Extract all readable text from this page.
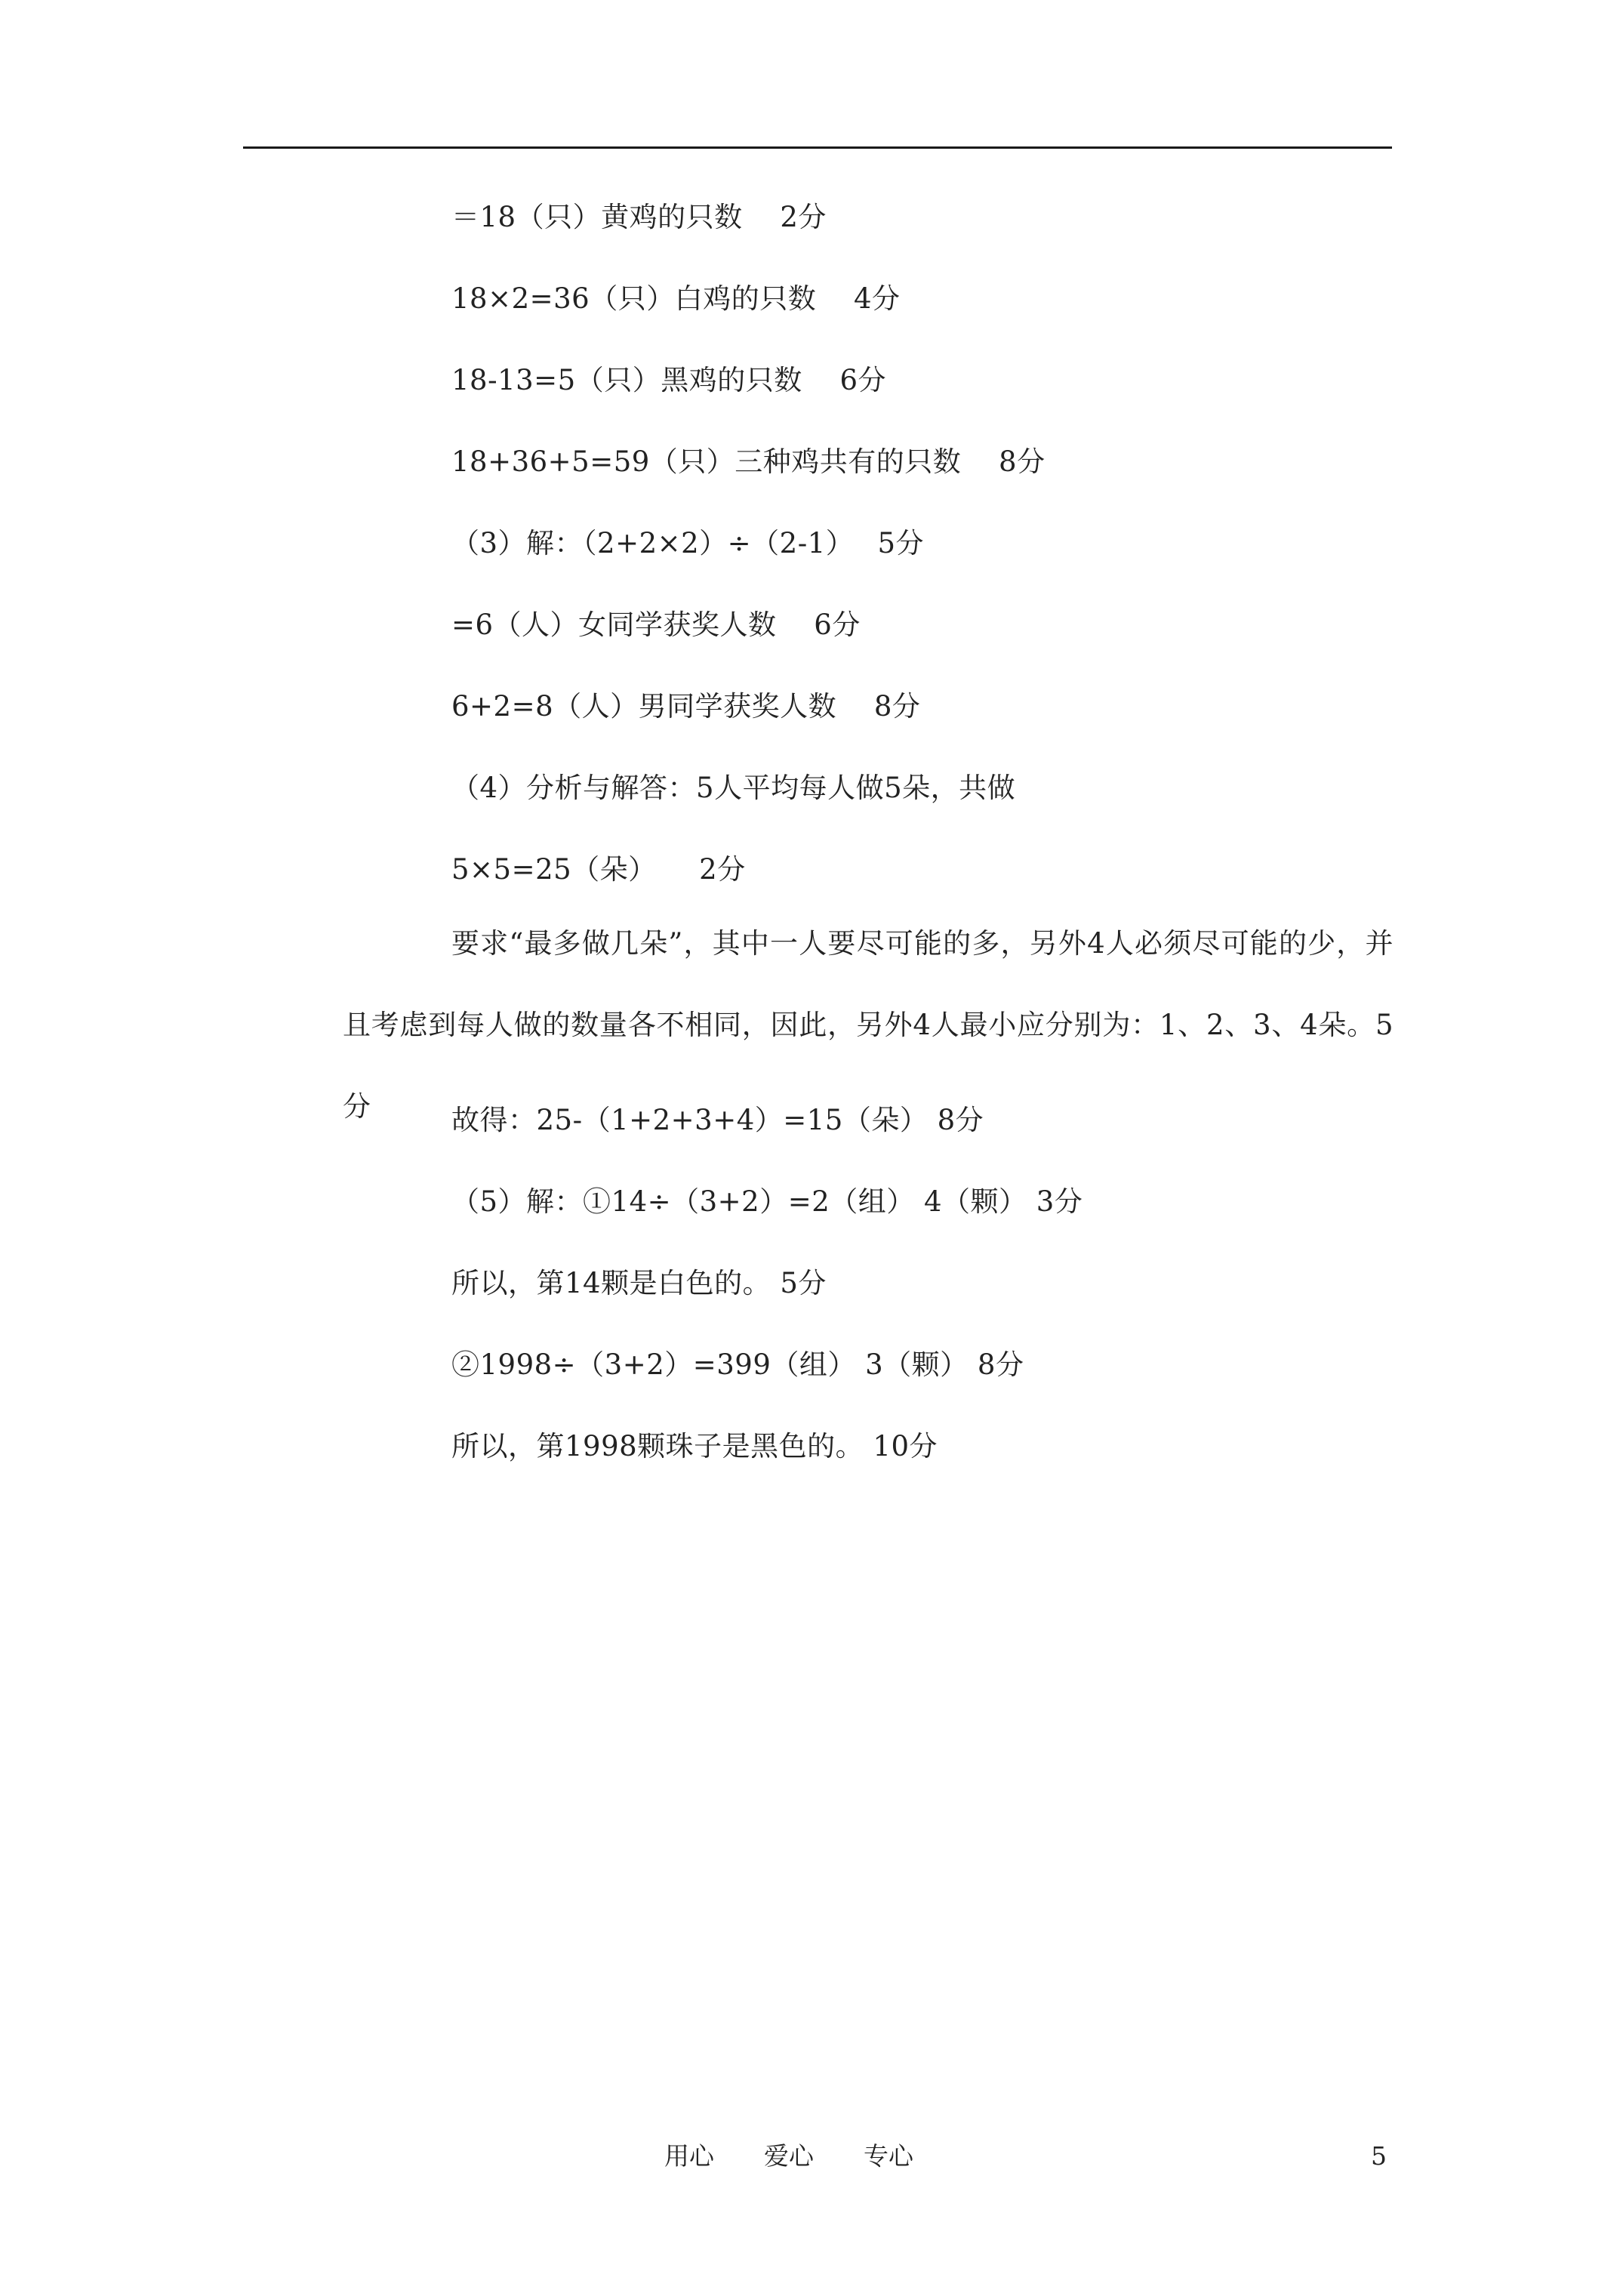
＝18（只）黄鸡的只数　 2分
18×2=36（只）白鸡的只数　 4分
18-13=5（只）黑鸡的只数　 6分
18+36+5=59（只）三种鸡共有的只数　 8分
（3）解：（2+2×2）÷（2-1）　 5分
=6（人）女同学获奖人数　 6分
6+2=8（人）男同学获奖人数　 8分
（4）分析与解答：5人平均每人做5朵，共做
5×5=25（朵）　　2分
要求“最多做几朵”，其中一人要尽可能的多，另外4人必须尽可能的少，并且考虑到每人做的数量各不相同，因此，另外4人最小应分别为：1、2、3、4朵。5分	故得：25-（1+2+3+4）=15（朵） 8分
（5）解：①14÷（3+2）=2（组） 4（颗） 3分
所以，第14颗是白色的。 5分
②1998÷（3+2）=399（组） 3（颗） 8分
所以，第1998颗珠子是黑色的。 10分
用心　　爱心　　专心	5
